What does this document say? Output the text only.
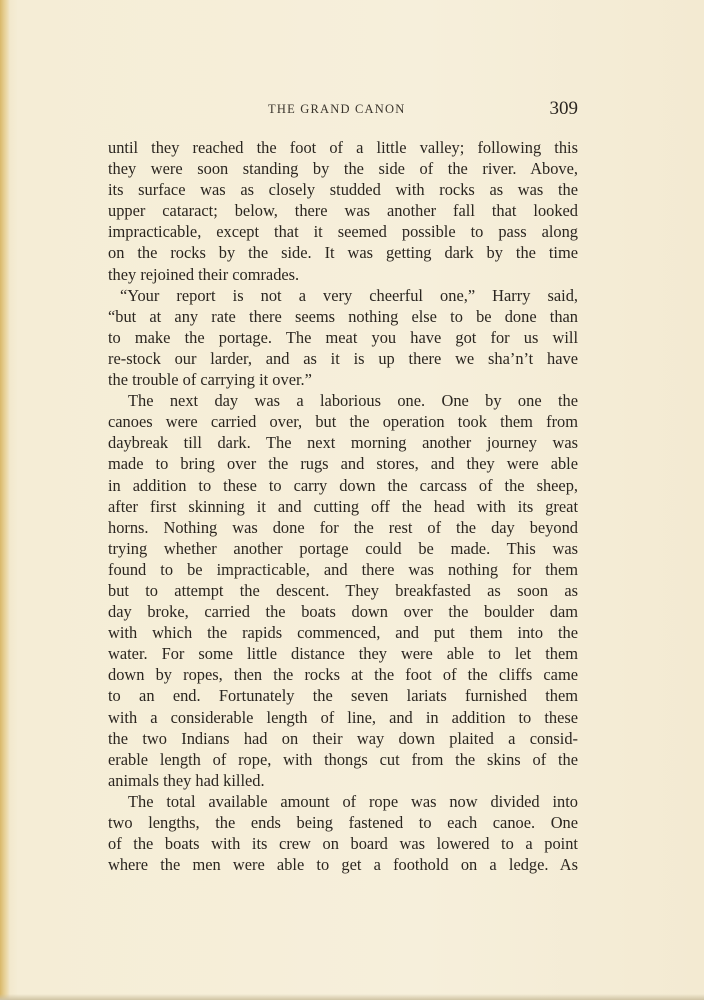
THE GRAND CANON	309
until they reached the foot of a little valley; following this
they were soon standing by the side of the river. Above,
its surface was as closely studded with rocks as was the
upper cataract; below, there was another fall that looked
impracticable, except that it seemed possible to pass along
on the rocks by the side. It was getting dark by the time
they rejoined their comrades.
“Your report is not a very cheerful one,” Harry said,
“but at any rate there seems nothing else to be done than
to make the portage. The meat you have got for us will
re-stock our larder, and as it is up there we sha’n’t have
the trouble of carrying it over.”
The next day was a laborious one. One by one the
canoes were carried over, but the operation took them from
daybreak till dark. The next morning another journey was
made to bring over the rugs and stores, and they were able
in addition to these to carry down the carcass of the sheep,
after first skinning it and cutting off the head with its great
horns. Nothing was done for the rest of the day beyond
trying whether another portage could be made. This was
found to be impracticable, and there was nothing for them
but to attempt the descent. They breakfasted as soon as
day broke, carried the boats down over the boulder dam
with which the rapids commenced, and put them into the
water. For some little distance they were able to let them
down by ropes, then the rocks at the foot of the cliffs came
to an end. Fortunately the seven lariats furnished them
with a considerable length of line, and in addition to these
the two Indians had on their way down plaited a consid-
erable length of rope, with thongs cut from the skins of the
animals they had killed.
The total available amount of rope was now divided into
two lengths, the ends being fastened to each canoe. One
of the boats with its crew on board was lowered to a point
where the men were able to get a foothold on a ledge. As
